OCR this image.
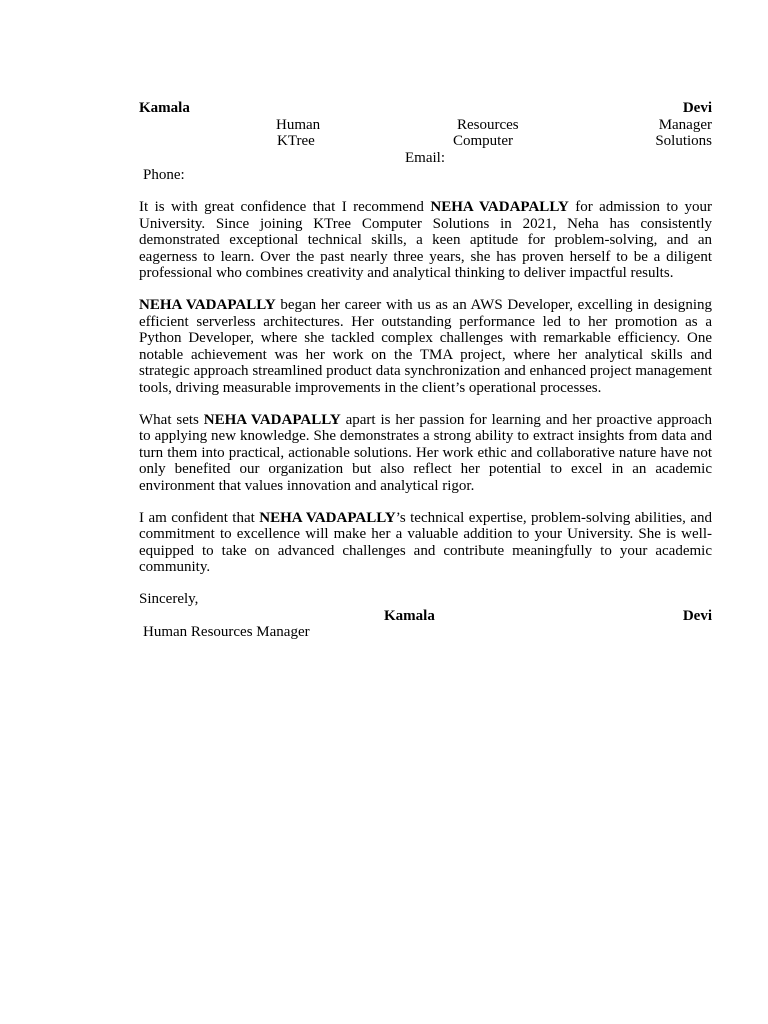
Kamala	Devi
Human	Resources	Manager
KTree	Computer	Solutions
Email:
Phone:

It is with great confidence that I recommend NEHA VADAPALLY for admission to your University. Since joining KTree Computer Solutions in 2021, Neha has consistently demonstrated exceptional technical skills, a keen aptitude for problem-solving, and an eagerness to learn. Over the past nearly three years, she has proven herself to be a diligent professional who combines creativity and analytical thinking to deliver impactful results.

NEHA VADAPALLY began her career with us as an AWS Developer, excelling in designing efficient serverless architectures. Her outstanding performance led to her promotion as a Python Developer, where she tackled complex challenges with remarkable efficiency. One notable achievement was her work on the TMA project, where her analytical skills and strategic approach streamlined product data synchronization and enhanced project management tools, driving measurable improvements in the client’s operational processes.

What sets NEHA VADAPALLY apart is her passion for learning and her proactive approach to applying new knowledge. She demonstrates a strong ability to extract insights from data and turn them into practical, actionable solutions. Her work ethic and collaborative nature have not only benefited our organization but also reflect her potential to excel in an academic environment that values innovation and analytical rigor.

I am confident that NEHA VADAPALLY’s technical expertise, problem-solving abilities, and commitment to excellence will make her a valuable addition to your University. She is well-equipped to take on advanced challenges and contribute meaningfully to your academic community.

Sincerely,
Kamala	Devi
Human Resources Manager
